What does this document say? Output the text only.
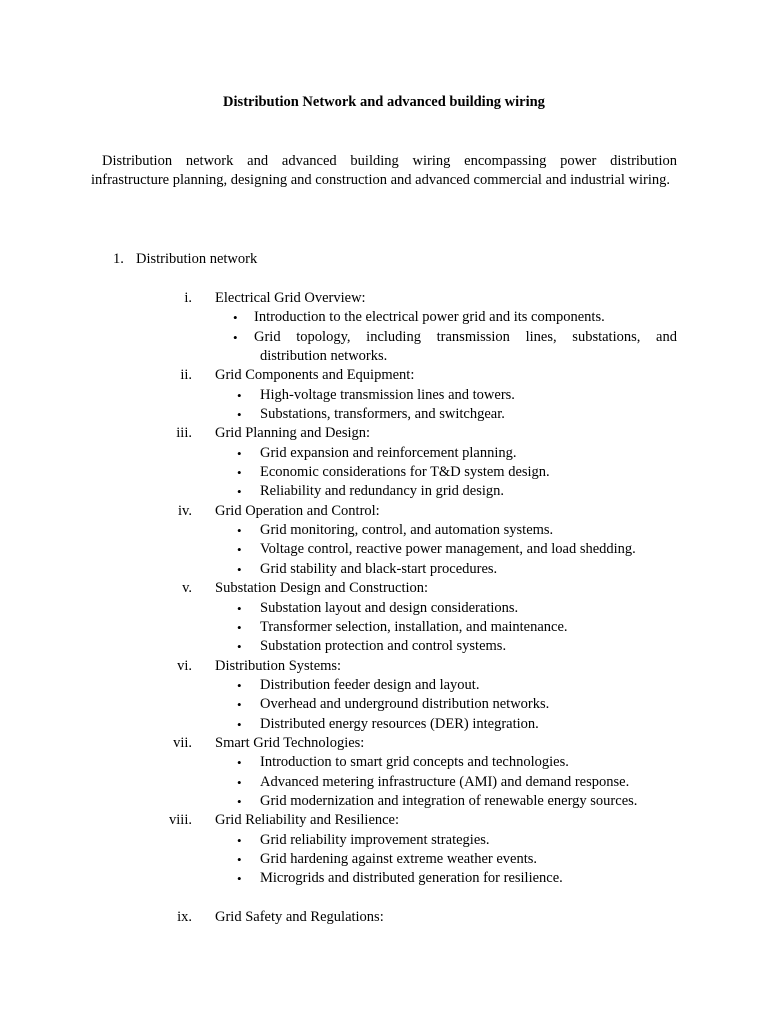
Distribution Network and advanced building wiring

Distribution network and advanced building wiring encompassing power distribution infrastructure planning, designing and construction and advanced commercial and industrial wiring.

1. Distribution network
i. Electrical Grid Overview:
• Introduction to the electrical power grid and its components.
• Grid topology, including transmission lines, substations, and
distribution networks.
ii. Grid Components and Equipment:
• High-voltage transmission lines and towers.
• Substations, transformers, and switchgear.
iii. Grid Planning and Design:
• Grid expansion and reinforcement planning.
• Economic considerations for T&D system design.
• Reliability and redundancy in grid design.
iv. Grid Operation and Control:
• Grid monitoring, control, and automation systems.
• Voltage control, reactive power management, and load shedding.
• Grid stability and black-start procedures.
v. Substation Design and Construction:
• Substation layout and design considerations.
• Transformer selection, installation, and maintenance.
• Substation protection and control systems.
vi. Distribution Systems:
• Distribution feeder design and layout.
• Overhead and underground distribution networks.
• Distributed energy resources (DER) integration.
vii. Smart Grid Technologies:
• Introduction to smart grid concepts and technologies.
• Advanced metering infrastructure (AMI) and demand response.
• Grid modernization and integration of renewable energy sources.
viii. Grid Reliability and Resilience:
• Grid reliability improvement strategies.
• Grid hardening against extreme weather events.
• Microgrids and distributed generation for resilience.
ix. Grid Safety and Regulations:
